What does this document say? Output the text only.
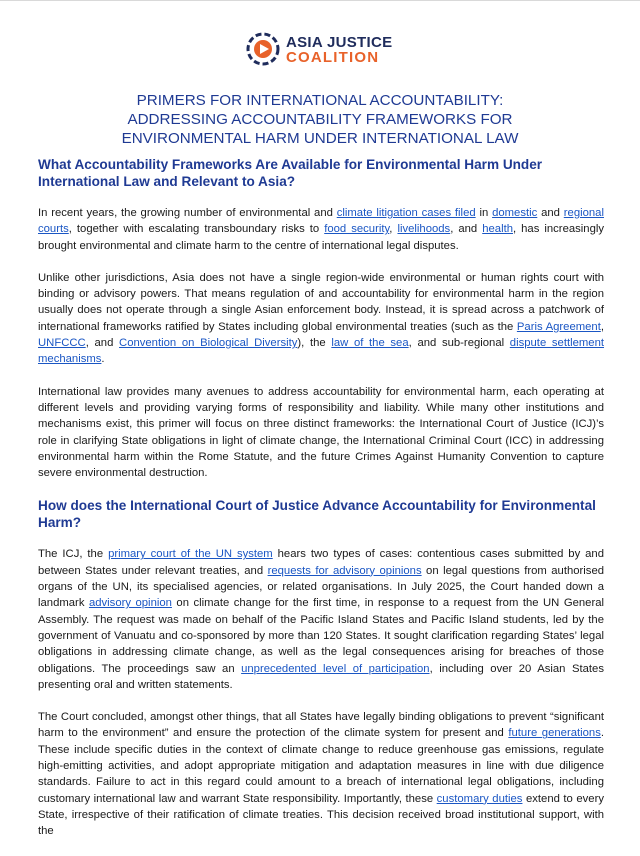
ASIA JUSTICE
COALITION
PRIMERS FOR INTERNATIONAL ACCOUNTABILITY:
ADDRESSING ACCOUNTABILITY FRAMEWORKS FOR
ENVIRONMENTAL HARM UNDER INTERNATIONAL LAW
What Accountability Frameworks Are Available for Environmental Harm Under International Law and Relevant to Asia?

In recent years, the growing number of environmental and climate litigation cases filed in domestic and regional courts, together with escalating transboundary risks to food security, livelihoods, and health, has increasingly brought environmental and climate harm to the centre of international legal disputes.

Unlike other jurisdictions, Asia does not have a single region-wide environmental or human rights court with binding or advisory powers. That means regulation of and accountability for environmental harm in the region usually does not operate through a single Asian enforcement body. Instead, it is spread across a patchwork of international frameworks ratified by States including global environmental treaties (such as the Paris Agreement, UNFCCC, and Convention on Biological Diversity), the law of the sea, and sub-regional dispute settlement mechanisms.

International law provides many avenues to address accountability for environmental harm, each operating at different levels and providing varying forms of responsibility and liability. While many other institutions and mechanisms exist, this primer will focus on three distinct frameworks: the International Court of Justice (ICJ)’s role in clarifying State obligations in light of climate change, the International Criminal Court (ICC) in addressing environmental harm within the Rome Statute, and the future Crimes Against Humanity Convention to capture severe environmental destruction.

How does the International Court of Justice Advance Accountability for Environmental Harm?

The ICJ, the primary court of the UN system hears two types of cases: contentious cases submitted by and between States under relevant treaties, and requests for advisory opinions on legal questions from authorised organs of the UN, its specialised agencies, or related organisations. In July 2025, the Court handed down a landmark advisory opinion on climate change for the first time, in response to a request from the UN General Assembly. The request was made on behalf of the Pacific Island States and Pacific Island students, led by the government of Vanuatu and co-sponsored by more than 120 States. It sought clarification regarding States’ legal obligations in addressing climate change, as well as the legal consequences arising for breaches of those obligations. The proceedings saw an unprecedented level of participation, including over 20 Asian States presenting oral and written statements.

The Court concluded, amongst other things, that all States have legally binding obligations to prevent “significant harm to the environment” and ensure the protection of the climate system for present and future generations. These include specific duties in the context of climate change to reduce greenhouse gas emissions, regulate high-emitting activities, and adopt appropriate mitigation and adaptation measures in line with due diligence standards. Failure to act in this regard could amount to a breach of international legal obligations, including customary international law and warrant State responsibility. Importantly, these customary duties extend to every State, irrespective of their ratification of climate treaties. This decision received broad institutional support, with the
